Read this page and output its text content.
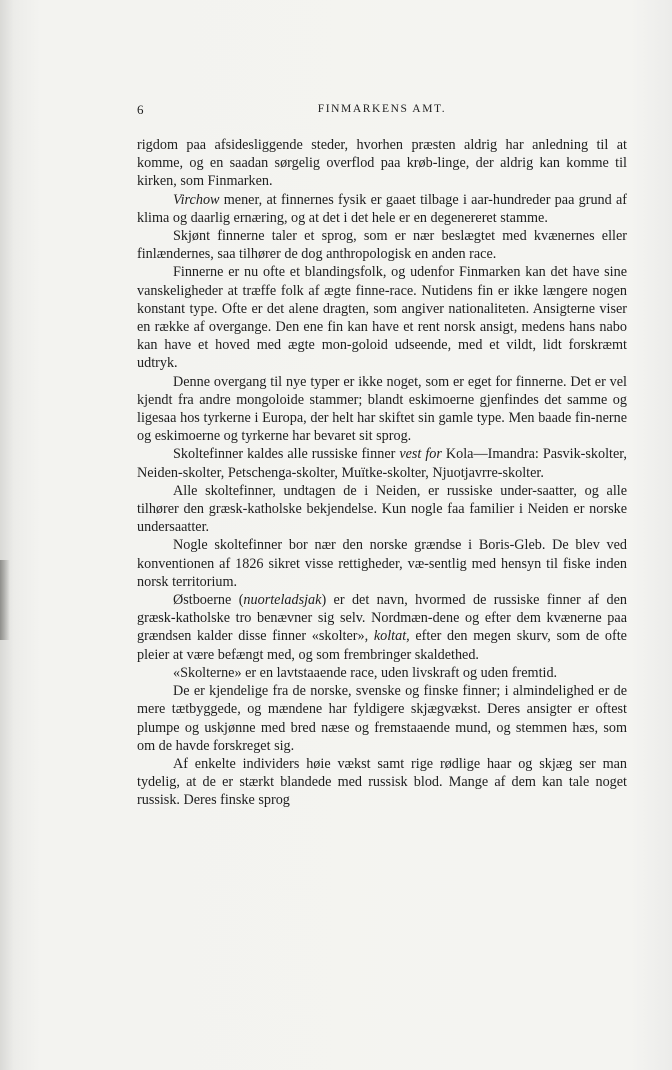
6	FINMARKENS AMT.

rigdom paa afsidesliggende steder, hvorhen præsten aldrig har anledning til at komme, og en saadan sørgelig overflod paa krøb-linge, der aldrig kan komme til kirken, som Finmarken.

Virchow mener, at finnernes fysik er gaaet tilbage i aar-hundreder paa grund af klima og daarlig ernæring, og at det i det hele er en degenereret stamme.

Skjønt finnerne taler et sprog, som er nær beslægtet med kvænernes eller finlændernes, saa tilhører de dog anthropologisk en anden race.

Finnerne er nu ofte et blandingsfolk, og udenfor Finmarken kan det have sine vanskeligheder at træffe folk af ægte finne-race. Nutidens fin er ikke længere nogen konstant type. Ofte er det alene dragten, som angiver nationaliteten. Ansigterne viser en række af overgange. Den ene fin kan have et rent norsk ansigt, medens hans nabo kan have et hoved med ægte mon-goloid udseende, med et vildt, lidt forskræmt udtryk.

Denne overgang til nye typer er ikke noget, som er eget for finnerne. Det er vel kjendt fra andre mongoloide stammer; blandt eskimoerne gjenfindes det samme og ligesaa hos tyrkerne i Europa, der helt har skiftet sin gamle type. Men baade fin-nerne og eskimoerne og tyrkerne har bevaret sit sprog.

Skoltefinner kaldes alle russiske finner vest for Kola—Imandra: Pasvik-skolter, Neiden-skolter, Petschenga-skolter, Muïtke-skolter, Njuotjavrre-skolter.

Alle skoltefinner, undtagen de i Neiden, er russiske under-saatter, og alle tilhører den græsk-katholske bekjendelse. Kun nogle faa familier i Neiden er norske undersaatter.

Nogle skoltefinner bor nær den norske grændse i Boris-Gleb. De blev ved konventionen af 1826 sikret visse rettigheder, væ-sentlig med hensyn til fiske inden norsk territorium.

Østboerne (nuorteladsjak) er det navn, hvormed de russiske finner af den græsk-katholske tro benævner sig selv. Nordmæn-dene og efter dem kvænerne paa grændsen kalder disse finner «skolter», koltat, efter den megen skurv, som de ofte pleier at være befængt med, og som frembringer skaldethed.

«Skolterne» er en lavtstaaende race, uden livskraft og uden fremtid.

De er kjendelige fra de norske, svenske og finske finner; i almindelighed er de mere tætbyggede, og mændene har fyldigere skjægvækst. Deres ansigter er oftest plumpe og uskjønne med bred næse og fremstaaende mund, og stemmen hæs, som om de havde forskreget sig.

Af enkelte individers høie vækst samt rige rødlige haar og skjæg ser man tydelig, at de er stærkt blandede med russisk blod. Mange af dem kan tale noget russisk. Deres finske sprog
